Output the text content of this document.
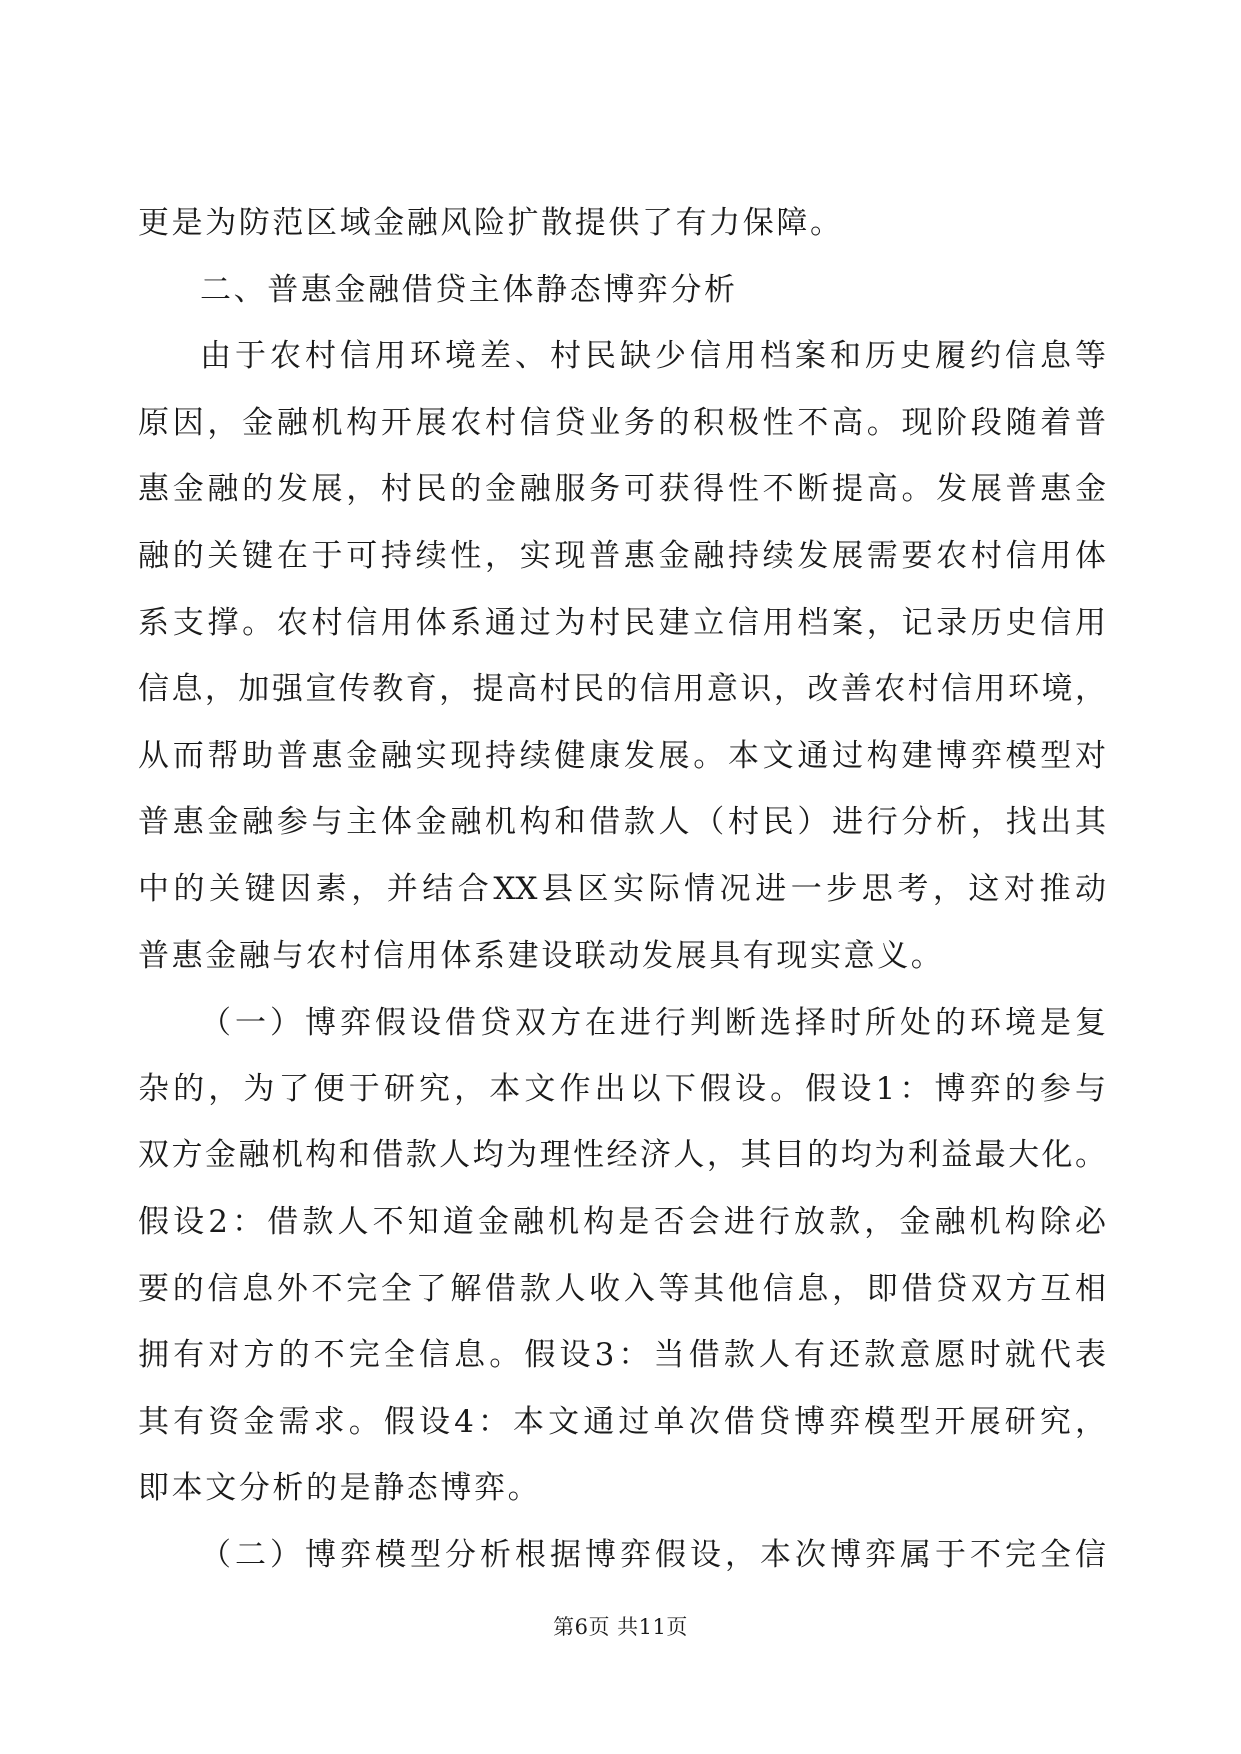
更是为防范区域金融风险扩散提供了有力保障。
二、普惠金融借贷主体静态博弈分析
由于农村信用环境差、村民缺少信用档案和历史履约信息等
原因，金融机构开展农村信贷业务的积极性不高。现阶段随着普
惠金融的发展，村民的金融服务可获得性不断提高。发展普惠金
融的关键在于可持续性，实现普惠金融持续发展需要农村信用体
系支撑。农村信用体系通过为村民建立信用档案，记录历史信用
信息，加强宣传教育，提高村民的信用意识，改善农村信用环境，
从而帮助普惠金融实现持续健康发展。本文通过构建博弈模型对
普惠金融参与主体金融机构和借款人（村民）进行分析，找出其
中的关键因素，并结合XX县区实际情况进一步思考，这对推动
普惠金融与农村信用体系建设联动发展具有现实意义。
（一）博弈假设借贷双方在进行判断选择时所处的环境是复
杂的，为了便于研究，本文作出以下假设。假设1：博弈的参与
双方金融机构和借款人均为理性经济人，其目的均为利益最大化。
假设2：借款人不知道金融机构是否会进行放款，金融机构除必
要的信息外不完全了解借款人收入等其他信息，即借贷双方互相
拥有对方的不完全信息。假设3：当借款人有还款意愿时就代表
其有资金需求。假设4：本文通过单次借贷博弈模型开展研究，
即本文分析的是静态博弈。
（二）博弈模型分析根据博弈假设，本次博弈属于不完全信
第6页 共11页
